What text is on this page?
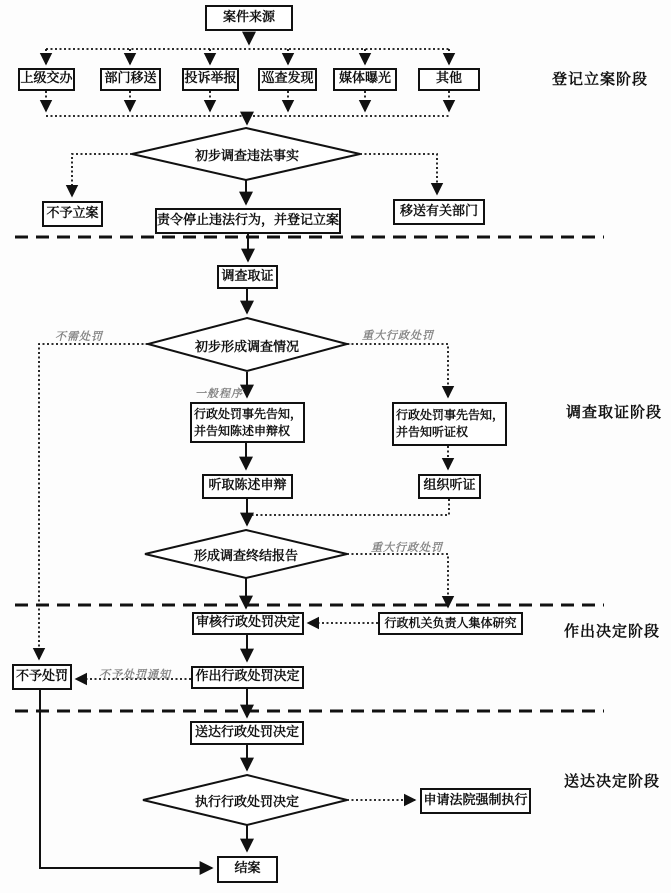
案件来源
上级交办	部门移送	投诉举报 巡查发现	媒体曝光	其他
初步调查违法事实
不予立案	责令停止违法行为，并登记立案
移送有关部门
调查取证
初步形成调查情况
行政处罚事先告知，
并告知陈述申辩权
行政处罚事先告知，
并告知听证权
听取陈述申辩	组织听证
形成调查终结报告
审核行政处罚决定	行政机关负责人集体研究
作出行政处罚决定
不予处罚
送达行政处罚决定
执行行政处罚决定	申请法院强制执行
结案
不需处罚	重大行政处罚
一般程序
重大行政处罚
不予处罚通知
登记立案阶段
调查取证阶段
作出决定阶段
送达决定阶段
